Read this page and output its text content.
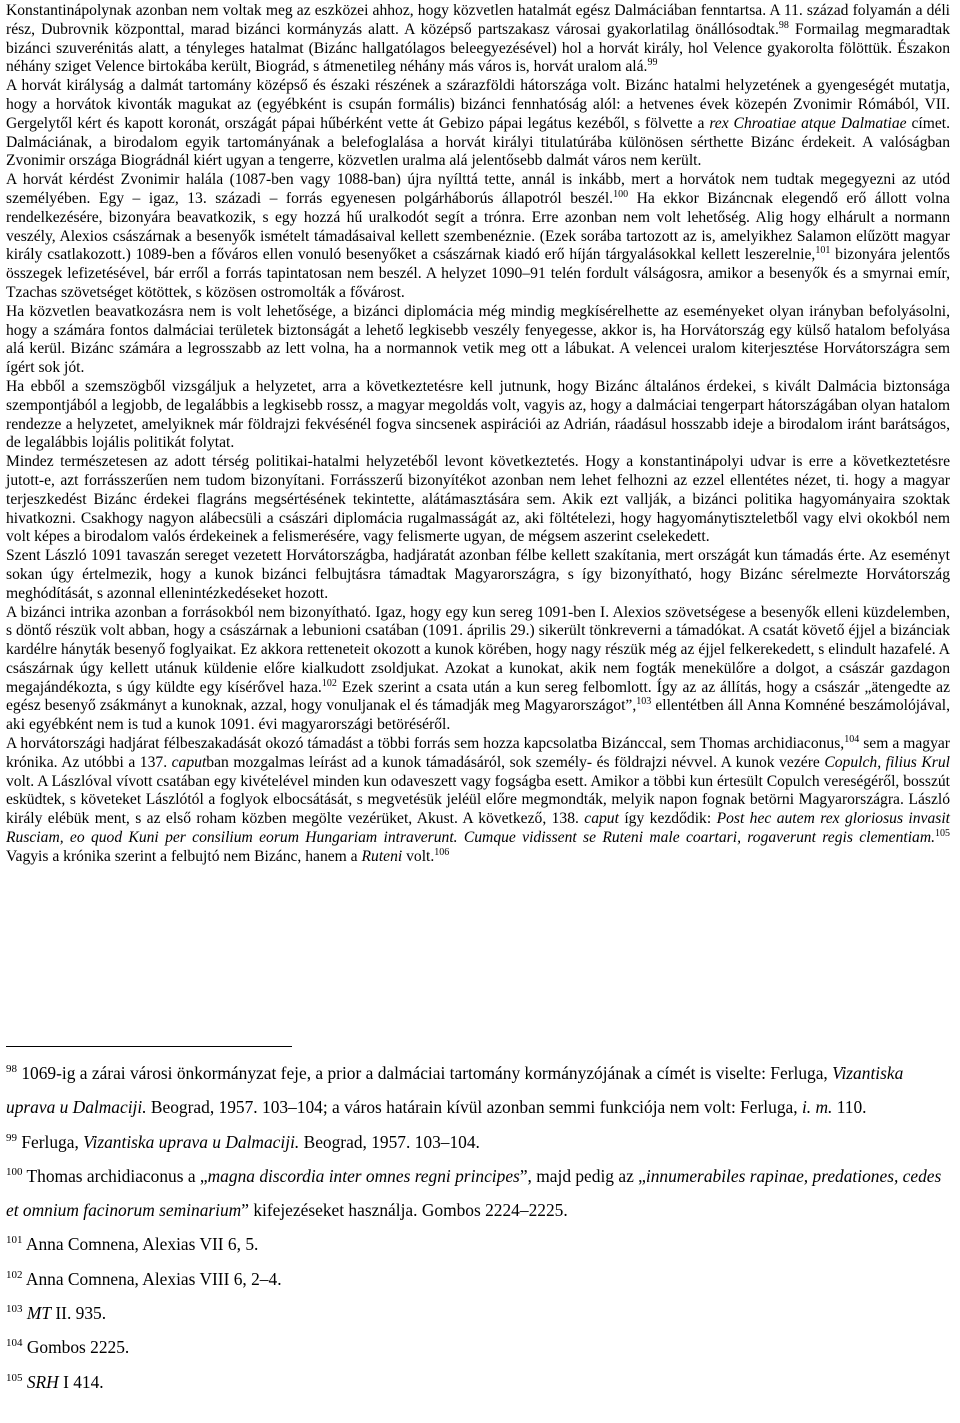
Konstantinápolynak azonban nem voltak meg az eszközei ahhoz, hogy közvetlen hatalmát egész Dalmáciában fenntartsa. A 11. század folyamán a déli rész, Dubrovnik központtal, marad bizánci kormányzás alatt. A középső partszakasz városai gyakorlatilag önállósodtak.$^{98}$ Formailag megmaradtak bizánci szuverénitás alatt, a tényleges hatalmat (Bizánc hallgatólagos beleegyezésével) hol a horvát király, hol Velence gyakorolta fölöttük. Északon néhány sziget Velence birtokába került, Biográd, s átmenetileg néhány más város is, horvát uralom alá.$^{99}$

A horvát királyság a dalmát tartomány középső és északi részének a szárazföldi hátországa volt. Bizánc hatalmi helyzetének a gyengeségét mutatja, hogy a horvátok kivonták magukat az (egyébként is csupán formális) bizánci fennhatóság alól: a hetvenes évek közepén Zvonimir Rómából, VII. Gergelytől kért és kapott koronát, országát pápai hűbérként vette át Gebizo pápai legátus kezéből, s fölvette a rex Chroatiae atque Dalmatiae címet. Dalmáciának, a birodalom egyik tartományának a belefoglalása a horvát királyi titulatúrába különösen sérthette Bizánc érdekeit. A valóságban Zvonimir országa Biográdnál kiért ugyan a tengerre, közvetlen uralma alá jelentősebb dalmát város nem került.

A horvát kérdést Zvonimir halála (1087-ben vagy 1088-ban) újra nyílttá tette, annál is inkább, mert a horvátok nem tudtak megegyezni az utód személyében. Egy – igaz, 13. századi – forrás egyenesen polgárháborús állapotról beszél.$^{100}$ Ha ekkor Bizáncnak elegendő erő állott volna rendelkezésére, bizonyára beavatkozik, s egy hozzá hű uralkodót segít a trónra. Erre azonban nem volt lehetőség. Alig hogy elhárult a normann veszély, Alexios császárnak a besenyők ismételt támadásaival kellett szembenéznie. (Ezek sorába tartozott az is, amelyikhez Salamon elűzött magyar király csatlakozott.) 1089-ben a főváros ellen vonuló besenyőket a császárnak kiadó erő híján tárgyalásokkal kellett leszerelnie,$^{101}$ bizonyára jelentős összegek lefizetésével, bár erről a forrás tapintatosan nem beszél. A helyzet 1090–91 telén fordult válságosra, amikor a besenyők és a smyrnai emír, Tzachas szövetséget kötöttek, s közösen ostromolták a fővárost.

Ha közvetlen beavatkozásra nem is volt lehetősége, a bizánci diplomácia még mindig megkísérelhette az eseményeket olyan irányban befolyásolni, hogy a számára fontos dalmáciai területek biztonságát a lehető legkisebb veszély fenyegesse, akkor is, ha Horvátország egy külső hatalom befolyása alá kerül. Bizánc számára a legrosszabb az lett volna, ha a normannok vetik meg ott a lábukat. A velencei uralom kiterjesztése Horvátországra sem ígért sok jót.

Ha ebből a szemszögből vizsgáljuk a helyzetet, arra a következtetésre kell jutnunk, hogy Bizánc általános érdekei, s kivált Dalmácia biztonsága szempontjából a legjobb, de legalábbis a legkisebb rossz, a magyar megoldás volt, vagyis az, hogy a dalmáciai tengerpart hátországában olyan hatalom rendezze a helyzetet, amelyiknek már földrajzi fekvésénél fogva sincsenek aspirációi az Adrián, ráadásul hosszabb ideje a birodalom iránt barátságos, de legalábbis lojális politikát folytat.

Mindez természetesen az adott térség politikai-hatalmi helyzetéből levont következtetés. Hogy a konstantinápolyi udvar is erre a következtetésre jutott-e, azt forrásszerűen nem tudom bizonyítani. Forrásszerű bizonyítékot azonban nem lehet felhozni az ezzel ellentétes nézet, ti. hogy a magyar terjeszkedést Bizánc érdekei flagráns megsértésének tekintette, alátámasztására sem. Akik ezt vallják, a bizánci politika hagyományaira szoktak hivatkozni. Csakhogy nagyon alábecsüli a császári diplomácia rugalmasságát az, aki föltételezi, hogy hagyománytiszteletből vagy elvi okokból nem volt képes a birodalom valós érdekeinek a felismerésére, vagy felismerte ugyan, de mégsem aszerint cselekedett.

Szent László 1091 tavaszán sereget vezetett Horvátországba, hadjáratát azonban félbe kellett szakítania, mert országát kun támadás érte. Az eseményt sokan úgy értelmezik, hogy a kunok bizánci felbujtásra támadtak Magyarországra, s így bizonyítható, hogy Bizánc sérelmezte Horvátország meghódítását, s azonnal ellenintézkedéseket hozott.

A bizánci intrika azonban a forrásokból nem bizonyítható. Igaz, hogy egy kun sereg 1091-ben I. Alexios szövetségese a besenyők elleni küzdelemben, s döntő részük volt abban, hogy a császárnak a lebunioni csatában (1091. április 29.) sikerült tönkreverni a támadókat. A csatát követő éjjel a bizánciak kardélre hányták besenyő foglyaikat. Ez akkora retteneteit okozott a kunok körében, hogy nagy részük még az éjjel felkerekedett, s elindult hazafelé. A császárnak úgy kellett utánuk küldenie előre kialkudott zsoldjukat. Azokat a kunokat, akik nem fogták menekülőre a dolgot, a császár gazdagon megajándékozta, s úgy küldte egy kísérővel haza.$^{102}$ Ezek szerint a csata után a kun sereg felbomlott. Így az az állítás, hogy a császár „ätengedte az egész besenyő zsákmányt a kunoknak, azzal, hogy vonuljanak el és támadják meg Magyarországot”,$^{103}$ ellentétben áll Anna Komnéné beszámolójával, aki egyébként nem is tud a kunok 1091. évi magyarországi betöréséről.

A horvátországi hadjárat félbeszakadását okozó támadást a többi forrás sem hozza kapcsolatba Bizánccal, sem Thomas archidiaconus,$^{104}$ sem a magyar krónika. Az utóbbi a 137. caputban mozgalmas leírást ad a kunok támadásáról, sok személy- és földrajzi névvel. A kunok vezére Copulch, filius Krul volt. A Lászlóval vívott csatában egy kivételével minden kun odaveszett vagy fogságba esett. Amikor a többi kun értesült Copulch vereségéről, bosszút esküdtek, s követeket Lászlótól a foglyok elbocsátását, s megvetésük jeléül előre megmondták, melyik napon fognak betörni Magyarországra. László király elébük ment, s az első roham közben megölte vezérüket, Akust. A következő, 138. caput így kezdődik: Post hec autem rex gloriosus invasit Rusciam, eo quod Kuni per consilium eorum Hungariam intraverunt. Cumque vidissent se Ruteni male coartari, rogaverunt regis clementiam.$^{105}$ Vagyis a krónika szerint a felbujtó nem Bizánc, hanem a Ruteni volt.$^{106}$

$^{98}$ 1069-ig a zárai városi önkormányzat feje, a prior a dalmáciai tartomány kormányzójának a címét is viselte: Ferluga, Vizantiska uprava u Dalmaciji. Beograd, 1957. 103–104; a város határain kívül azonban semmi funkciója nem volt: Ferluga, i. m. 110.

$^{99}$ Ferluga, Vizantiska uprava u Dalmaciji. Beograd, 1957. 103–104.

$^{100}$ Thomas archidiaconus a „magna discordia inter omnes regni principes”, majd pedig az „innumerabiles rapinae, predationes, cedes et omnium facinorum seminarium” kifejezéseket használja. Gombos 2224–2225.

$^{101}$ Anna Comnena, Alexias VII 6, 5.

$^{102}$ Anna Comnena, Alexias VIII 6, 2–4.

$^{103}$ MT II. 935.

$^{104}$ Gombos 2225.

$^{105}$ SRH I 414.
